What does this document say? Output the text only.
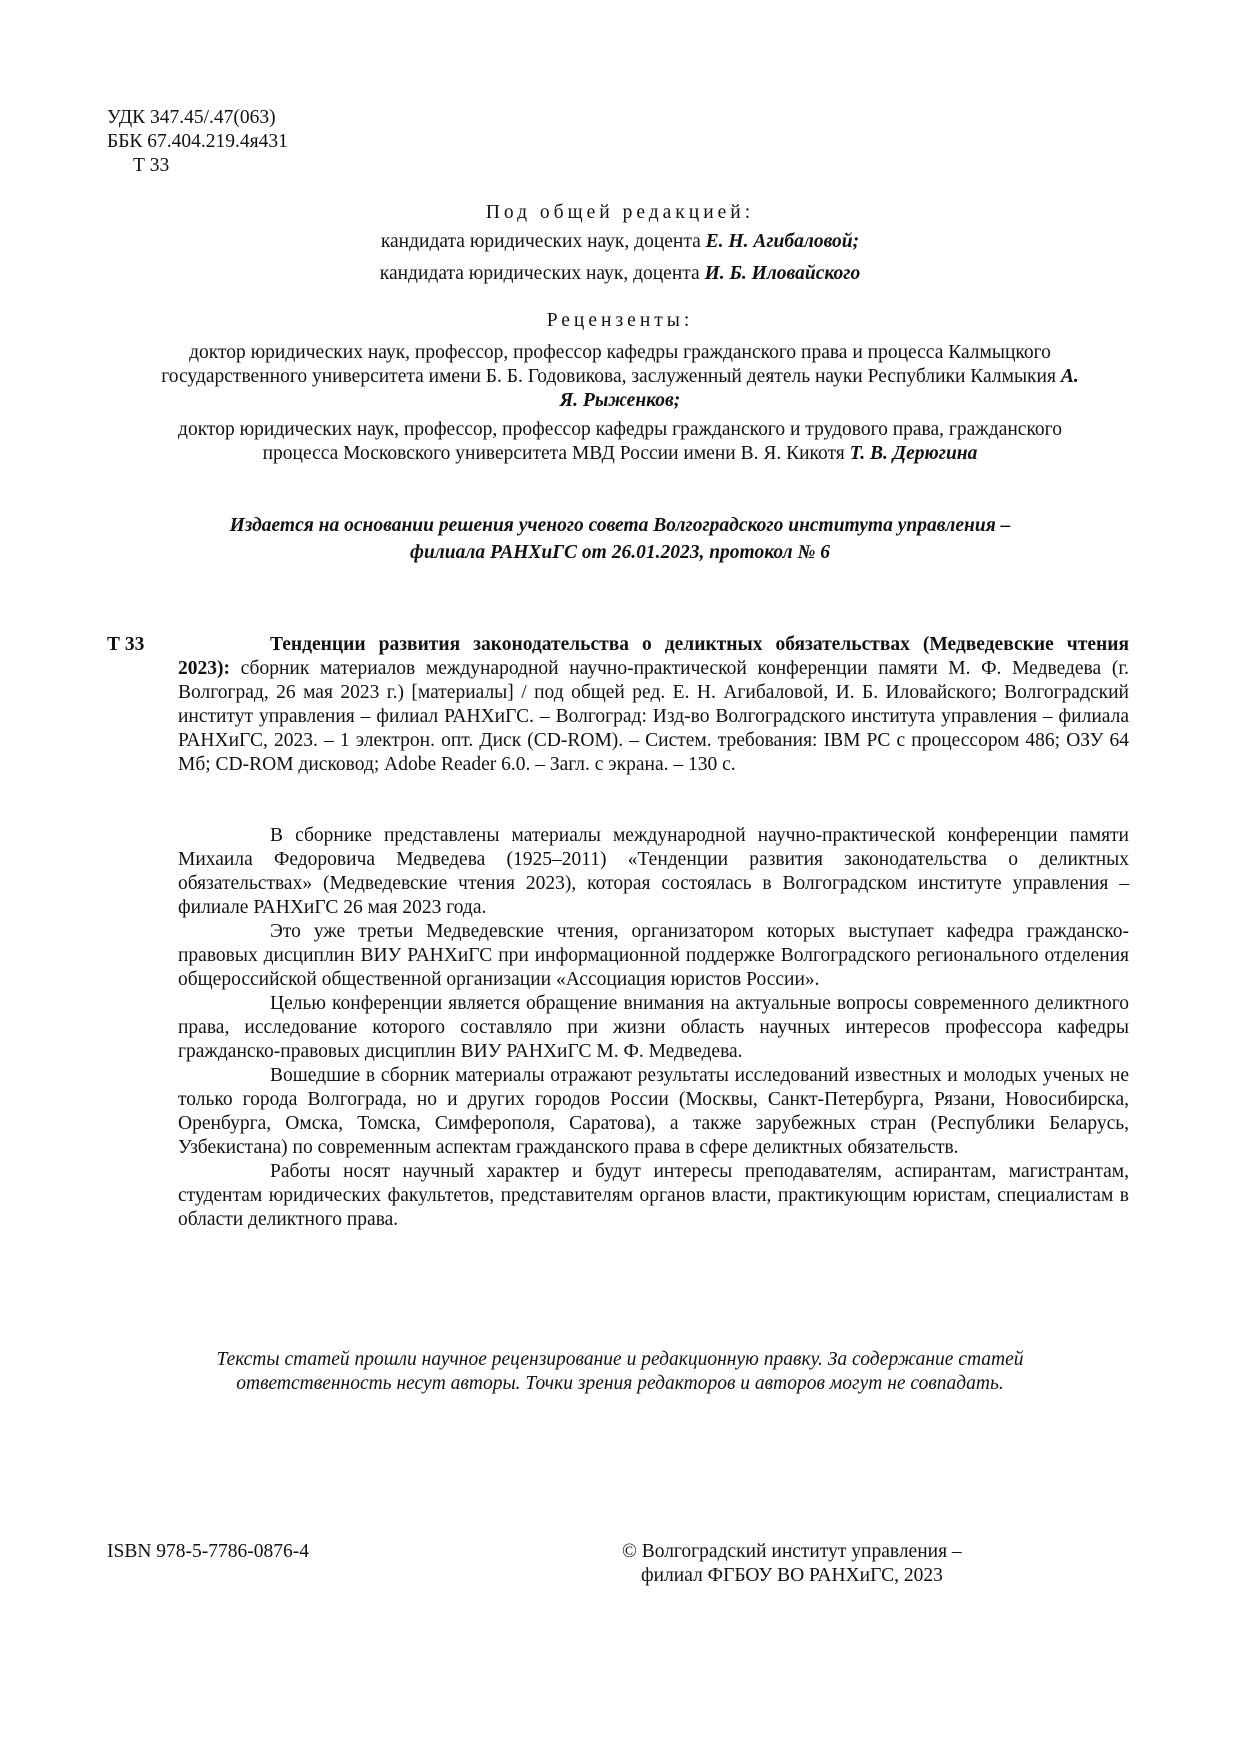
УДК 347.45/.47(063)
ББК 67.404.219.4я431
Т 33
Под общей редакцией:
кандидата юридических наук, доцента Е. Н. Агибаловой;
кандидата юридических наук, доцента И. Б. Иловайского
Рецензенты:
доктор юридических наук, профессор, профессор кафедры гражданского права и процесса Калмыцкого государственного университета имени Б. Б. Годовикова, заслуженный деятель науки Республики Калмыкия А. Я. Рыженков;
доктор юридических наук, профессор, профессор кафедры гражданского и трудового права, гражданского процесса Московского университета МВД России имени В. Я. Кикотя Т. В. Дерюгина
Издается на основании решения ученого совета Волгоградского института управления –
филиала РАНХиГС от 26.01.2023, протокол № 6
Т 33	Тенденции развития законодательства о деликтных обязательствах (Медведевские чтения 2023): сборник материалов международной научно-практической конференции памяти М. Ф. Медведева (г. Волгоград, 26 мая 2023 г.) [материалы] / под общей ред. Е. Н. Агибаловой, И. Б. Иловайского; Волгоградский институт управления – филиал РАНХиГС. – Волгоград: Изд-во Волгоградского института управления – филиала РАНХиГС, 2023. – 1 электрон. опт. Диск (CD-ROM). – Систем. требования: IBM PC с процессором 486; ОЗУ 64 Мб; CD-ROM дисковод; Adobe Reader 6.0. – Загл. с экрана. – 130 с.

В сборнике представлены материалы международной научно-практической конференции памяти Михаила Федоровича Медведева (1925–2011) «Тенденции развития законодательства о деликтных обязательствах» (Медведевские чтения 2023), которая состоялась в Волгоградском институте управления – филиале РАНХиГС 26 мая 2023 года.

Это уже третьи Медведевские чтения, организатором которых выступает кафедра гражданско-правовых дисциплин ВИУ РАНХиГС при информационной поддержке Волгоградского регионального отделения общероссийской общественной организации «Ассоциация юристов России».

Целью конференции является обращение внимания на актуальные вопросы современного деликтного права, исследование которого составляло при жизни область научных интересов профессора кафедры гражданско-правовых дисциплин ВИУ РАНХиГС М. Ф. Медведева.

Вошедшие в сборник материалы отражают результаты исследований известных и молодых ученых не только города Волгограда, но и других городов России (Москвы, Санкт-Петербурга, Рязани, Новосибирска, Оренбурга, Омска, Томска, Симферополя, Саратова), а также зарубежных стран (Республики Беларусь, Узбекистана) по современным аспектам гражданского права в сфере деликтных обязательств.

Работы носят научный характер и будут интересы преподавателям, аспирантам, магистрантам, студентам юридических факультетов, представителям органов власти, практикующим юристам, специалистам в области деликтного права.

Тексты статей прошли научное рецензирование и редакционную правку. За содержание статей
ответственность несут авторы. Точки зрения редакторов и авторов могут не совпадать.
ISBN 978-5-7786-0876-4	© Волгоградский институт управления –
филиал ФГБОУ ВО РАНХиГС, 2023
